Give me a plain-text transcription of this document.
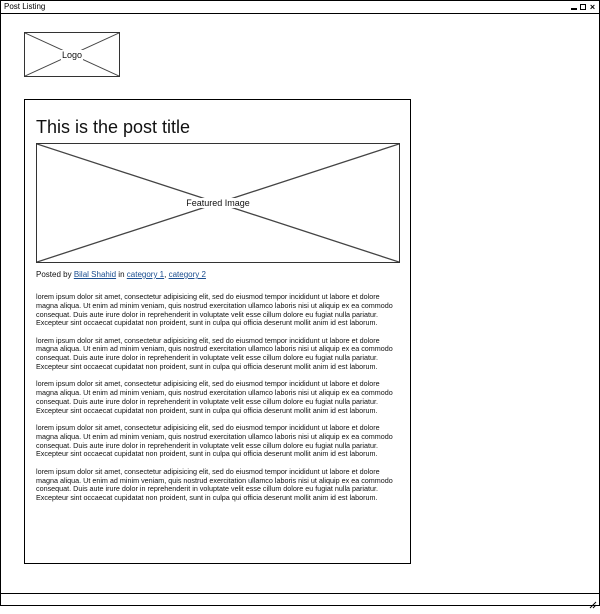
Post Listing	×
Logo
This is the post title
Featured Image
Posted by Bilal Shahid in category 1, category 2

lorem ipsum dolor sit amet, consectetur adipisicing elit, sed do eiusmod tempor incididunt ut labore et dolore magna aliqua. Ut enim ad minim veniam, quis nostrud exercitation ullamco laboris nisi ut aliquip ex ea commodo consequat. Duis aute irure dolor in reprehenderit in voluptate velit esse cillum dolore eu fugiat nulla pariatur. Excepteur sint occaecat cupidatat non proident, sunt in culpa qui officia deserunt mollit anim id est laborum.

lorem ipsum dolor sit amet, consectetur adipisicing elit, sed do eiusmod tempor incididunt ut labore et dolore magna aliqua. Ut enim ad minim veniam, quis nostrud exercitation ullamco laboris nisi ut aliquip ex ea commodo consequat. Duis aute irure dolor in reprehenderit in voluptate velit esse cillum dolore eu fugiat nulla pariatur. Excepteur sint occaecat cupidatat non proident, sunt in culpa qui officia deserunt mollit anim id est laborum.

lorem ipsum dolor sit amet, consectetur adipisicing elit, sed do eiusmod tempor incididunt ut labore et dolore magna aliqua. Ut enim ad minim veniam, quis nostrud exercitation ullamco laboris nisi ut aliquip ex ea commodo consequat. Duis aute irure dolor in reprehenderit in voluptate velit esse cillum dolore eu fugiat nulla pariatur. Excepteur sint occaecat cupidatat non proident, sunt in culpa qui officia deserunt mollit anim id est laborum.

lorem ipsum dolor sit amet, consectetur adipisicing elit, sed do eiusmod tempor incididunt ut labore et dolore magna aliqua. Ut enim ad minim veniam, quis nostrud exercitation ullamco laboris nisi ut aliquip ex ea commodo consequat. Duis aute irure dolor in reprehenderit in voluptate velit esse cillum dolore eu fugiat nulla pariatur. Excepteur sint occaecat cupidatat non proident, sunt in culpa qui officia deserunt mollit anim id est laborum.

lorem ipsum dolor sit amet, consectetur adipisicing elit, sed do eiusmod tempor incididunt ut labore et dolore magna aliqua. Ut enim ad minim veniam, quis nostrud exercitation ullamco laboris nisi ut aliquip ex ea commodo consequat. Duis aute irure dolor in reprehenderit in voluptate velit esse cillum dolore eu fugiat nulla pariatur. Excepteur sint occaecat cupidatat non proident, sunt in culpa qui officia deserunt mollit anim id est laborum.
